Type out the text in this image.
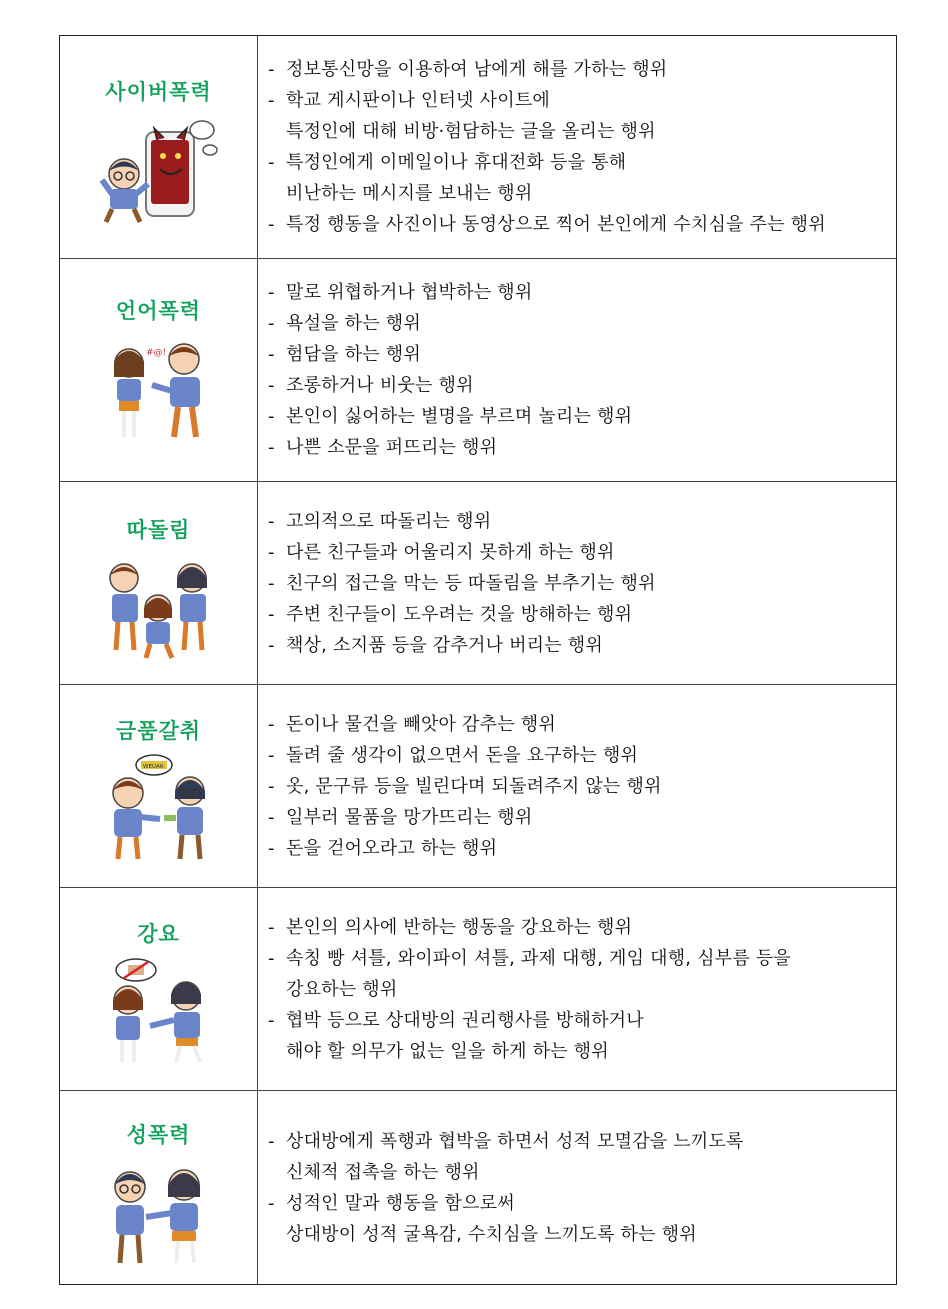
사이버폭력
- 정보통신망을 이용하여 남에게 해를 가하는 행위
- 학교 게시판이나 인터넷 사이트에
특정인에 대해 비방·험담하는 글을 올리는 행위
- 특정인에게 이메일이나 휴대전화 등을 통해
비난하는 메시지를 보내는 행위
- 특정 행동을 사진이나 동영상으로 찍어 본인에게 수치심을 주는 행위
언어폭력
#@!
- 말로 위협하거나 협박하는 행위
- 욕설을 하는 행위
- 험담을 하는 행위
- 조롱하거나 비웃는 행위
- 본인이 싫어하는 별명을 부르며 놀리는 행위
- 나쁜 소문을 퍼뜨리는 행위
따돌림	- 고의적으로 따돌리는 행위
- 다른 친구들과 어울리지 못하게 하는 행위
- 친구의 접근을 막는 등 따돌림을 부추기는 행위
- 주변 친구들이 도우려는 것을 방해하는 행위
- 책상, 소지품 등을 감추거나 버리는 행위
금품갈취
WEUAR
- 돈이나 물건을 빼앗아 감추는 행위
- 돌려 줄 생각이 없으면서 돈을 요구하는 행위
- 옷, 문구류 등을 빌린다며 되돌려주지 않는 행위
- 일부러 물품을 망가뜨리는 행위
- 돈을 걷어오라고 하는 행위
강요	- 본인의 의사에 반하는 행동을 강요하는 행위
- 속칭 빵 셔틀, 와이파이 셔틀, 과제 대행, 게임 대행, 심부름 등을
강요하는 행위
- 협박 등으로 상대방의 권리행사를 방해하거나
해야 할 의무가 없는 일을 하게 하는 행위
성폭력	- 상대방에게 폭행과 협박을 하면서 성적 모멸감을 느끼도록
신체적 접촉을 하는 행위
- 성적인 말과 행동을 함으로써
상대방이 성적 굴욕감, 수치심을 느끼도록 하는 행위
